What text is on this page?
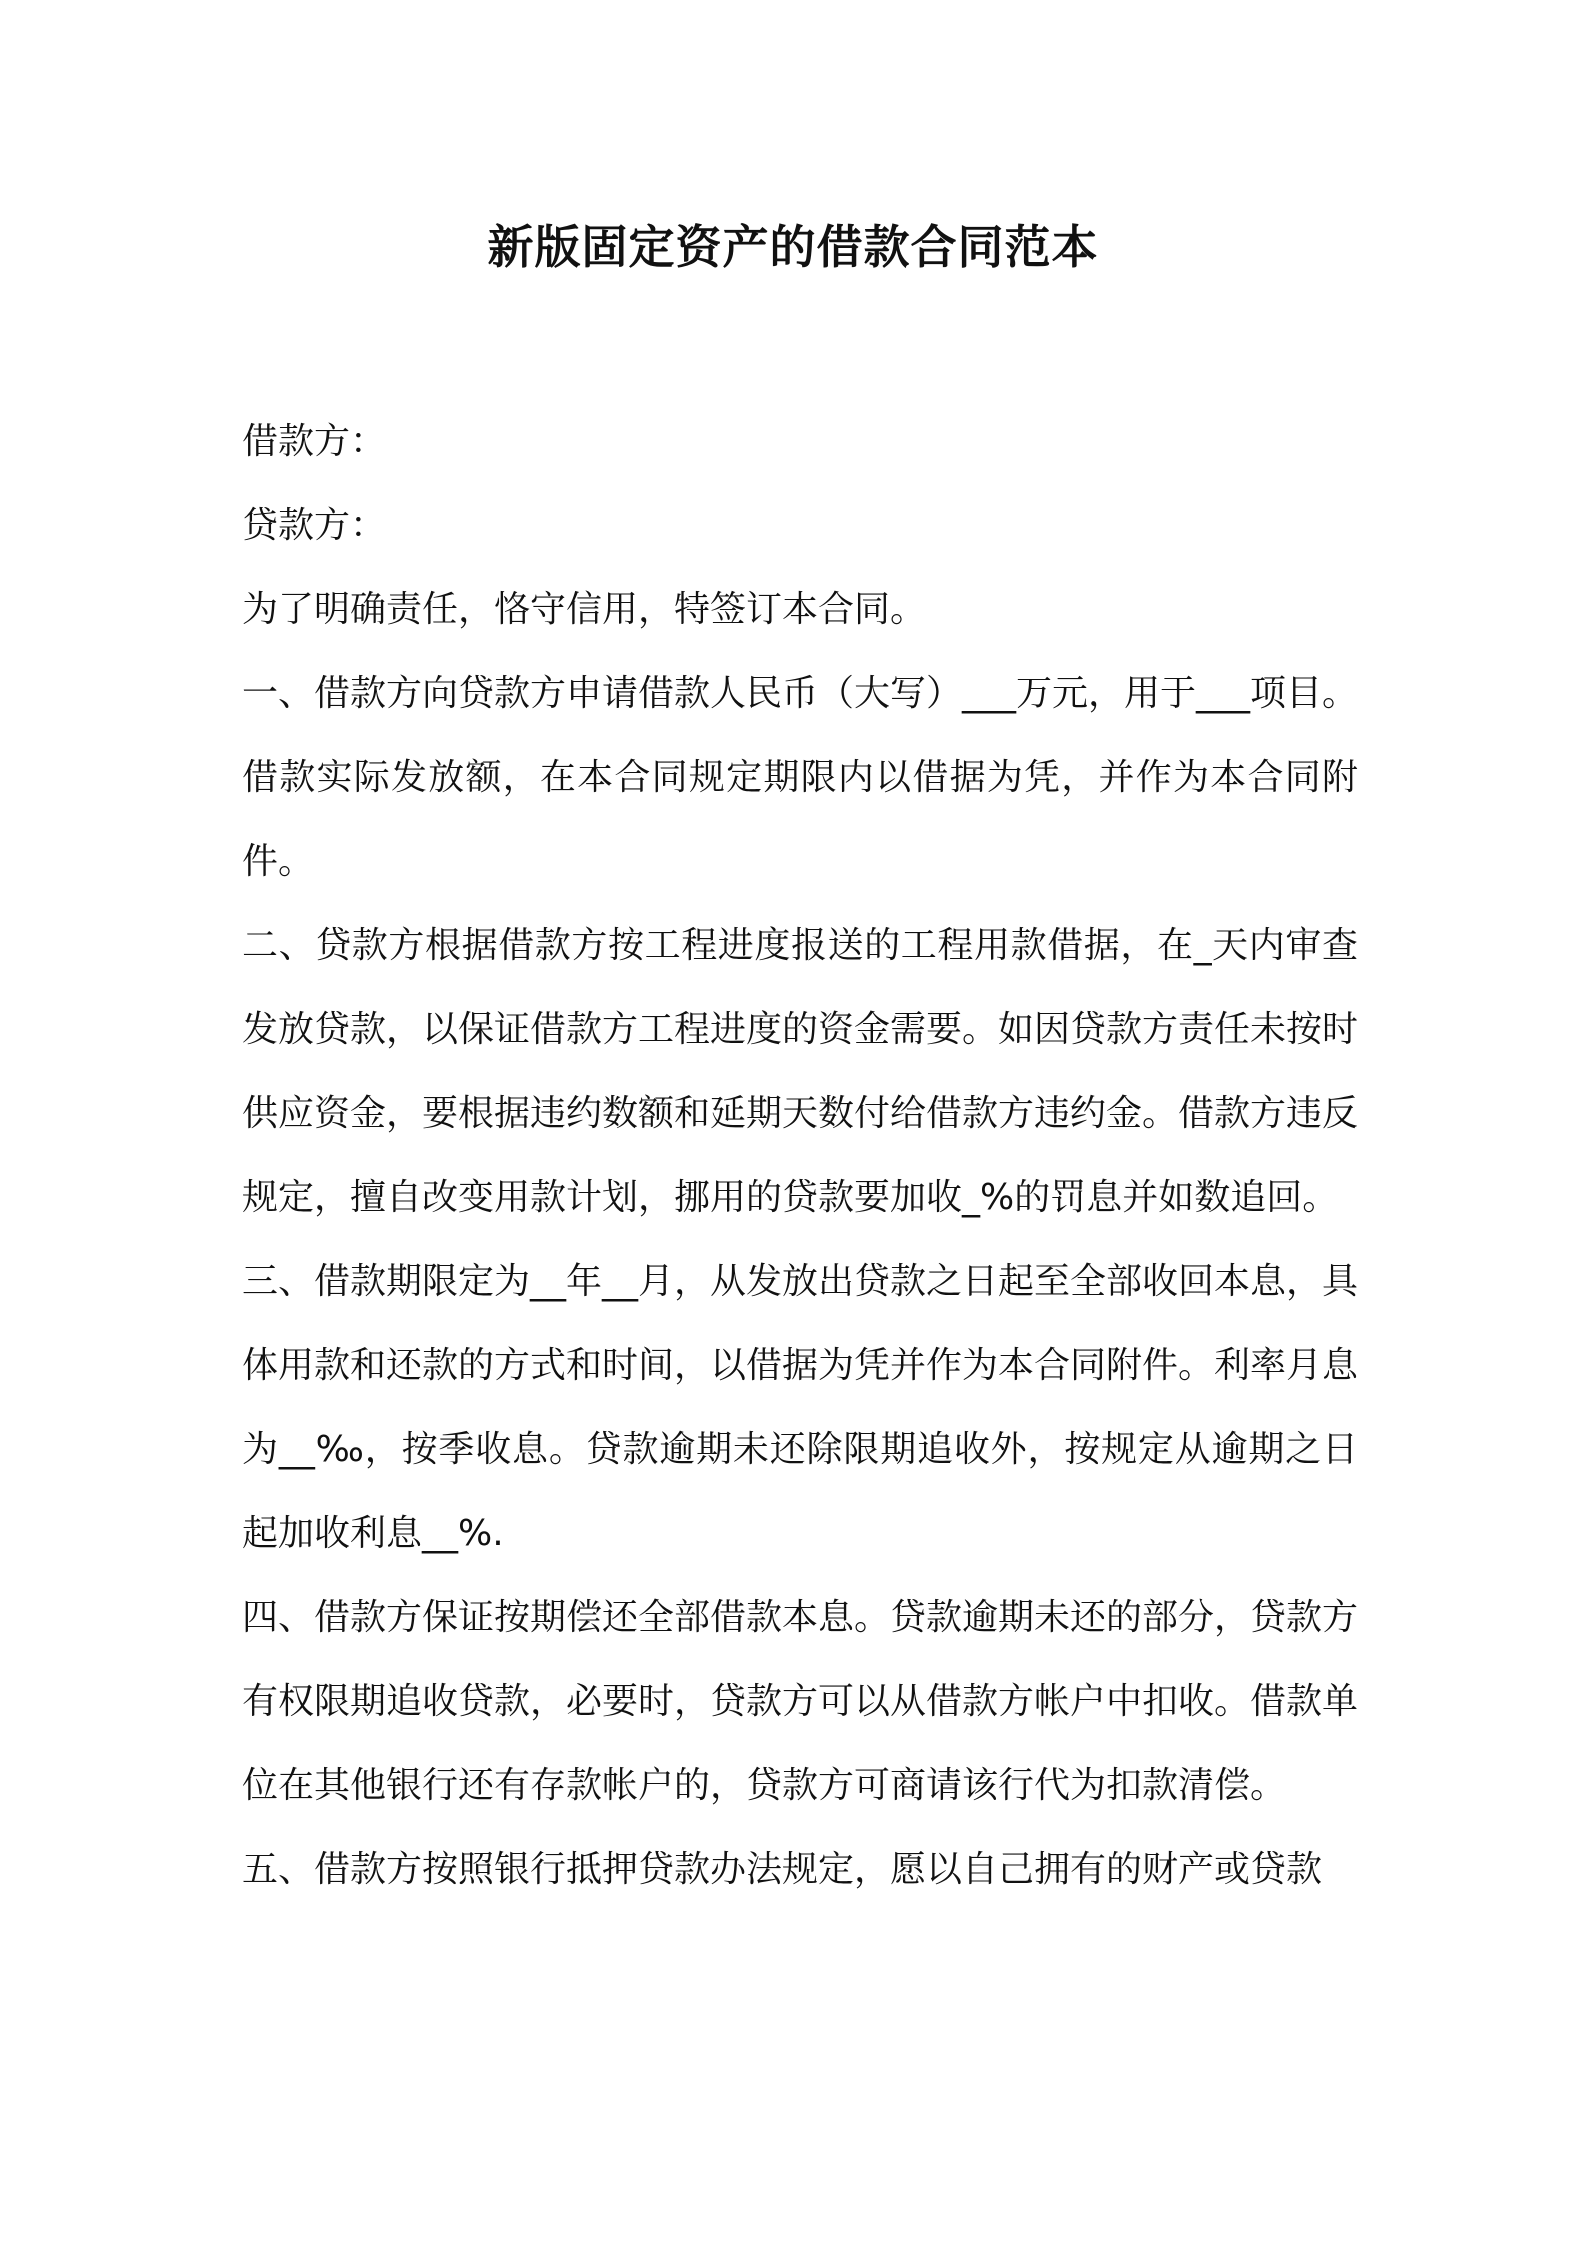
新版固定资产的借款合同范本

借款方：

贷款方：

为了明确责任，恪守信用，特签订本合同。

一、借款方向贷款方申请借款人民币（大写）___万元，用于___项目。借款实际发放额，在本合同规定期限内以借据为凭，并作为本合同附件。

二、贷款方根据借款方按工程进度报送的工程用款借据，在_天内审查发放贷款，以保证借款方工程进度的资金需要。如因贷款方责任未按时供应资金，要根据违约数额和延期天数付给借款方违约金。借款方违反规定，擅自改变用款计划，挪用的贷款要加收_%的罚息并如数追回。

三、借款期限定为__年__月，从发放出贷款之日起至全部收回本息，具体用款和还款的方式和时间，以借据为凭并作为本合同附件。利率月息为__‰，按季收息。贷款逾期未还除限期追收外，按规定从逾期之日起加收利息__%.

四、借款方保证按期偿还全部借款本息。贷款逾期未还的部分，贷款方有权限期追收贷款，必要时，贷款方可以从借款方帐户中扣收。借款单位在其他银行还有存款帐户的，贷款方可商请该行代为扣款清偿。

五、借款方按照银行抵押贷款办法规定，愿以自己拥有的财产或贷款
